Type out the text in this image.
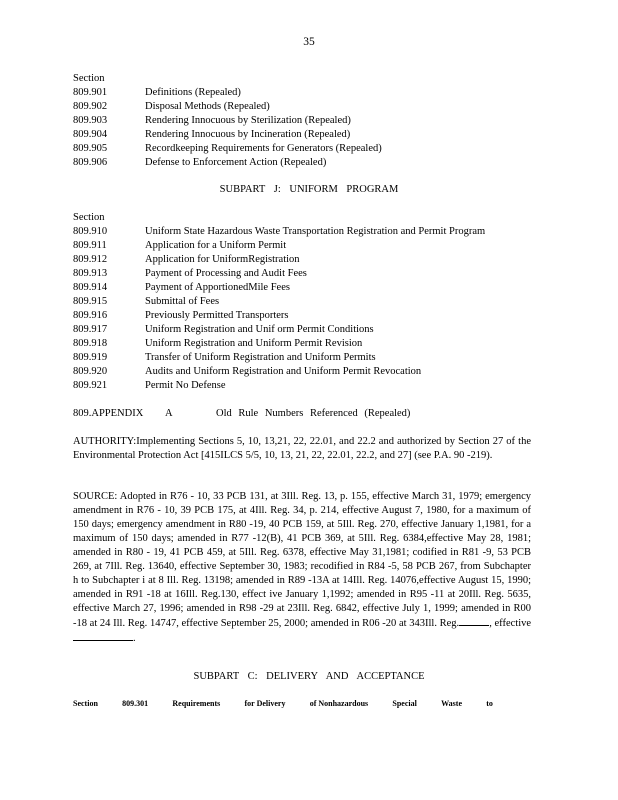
35
Section
809.901	Definitions (Repealed)
809.902	Disposal Methods (Repealed)
809.903	Rendering Innocuous by Sterilization (Repealed)
809.904	Rendering Innocuous by Incineration (Repealed)
809.905	Recordkeeping Requirements for Generators (Repealed)
809.906	Defense to Enforcement Action (Repealed)
SUBPART J: UNIFORM PROGRAM
Section
809.910	Uniform State Hazardous Waste Transportation Registration and Permit Program
809.911	Application for a Uniform Permit
809.912	Application for UniformRegistration
809.913	Payment of Processing and Audit Fees
809.914	Payment of ApportionedMile Fees
809.915	Submittal of Fees
809.916	Previously Permitted Transporters
809.917	Uniform Registration and Unif orm Permit Conditions
809.918	Uniform Registration and Uniform Permit Revision
809.919	Transfer of Uniform Registration and Uniform Permits
809.920	Audits and Uniform Registration and Uniform Permit Revocation
809.921	Permit No Defense
809.APPENDIX A	Old Rule Numbers Referenced (Repealed)
AUTHORITY:Implementing Sections 5, 10, 13,21, 22, 22.01, and 22.2 and authorized by Section 27 of the Environmental Protection Act [415ILCS 5/5, 10, 13, 21, 22, 22.01, 22.2, and 27] (see P.A. 90 -219).
SOURCE: Adopted in R76 - 10, 33 PCB 131, at 3Ill. Reg. 13, p. 155, effective March 31, 1979; emergency amendment in R76 - 10, 39 PCB 175, at 4Ill. Reg. 34, p. 214, effective August 7, 1980, for a maximum of 150 days; emergency amendment in R80 -19, 40 PCB 159, at 5Ill. Reg. 270, effective January 1,1981, for a maximum of 150 days; amended in R77 -12(B), 41 PCB 369, at 5Ill. Reg. 6384,effective May 28, 1981; amended in R80 - 19, 41 PCB 459, at 5Ill. Reg. 6378, effective May 31,1981; codified in R81 -9, 53 PCB 269, at 7Ill. Reg. 13640, effective September 30, 1983; recodified in R84 -5, 58 PCB 267, from Subchapter h to Subchapter i at 8 Ill. Reg. 13198; amended in R89 -13A at 14Ill. Reg. 14076,effective August 15, 1990; amended in R91 -18 at 16Ill. Reg.130, effect ive January 1,1992; amended in R95 -11 at 20Ill. Reg. 5635, effective March 27, 1996; amended in R98 -29 at 23Ill. Reg. 6842, effective July 1, 1999; amended in R00 -18 at 24 Ill. Reg. 14747, effective September 25, 2000; amended in R06 -20 at 343Ill. Reg.	, effective .
SUBPART C: DELIVERY AND ACCEPTANCE
Section	809.301	Requirements	for Delivery	of Nonhazardous	Special	Waste	to
